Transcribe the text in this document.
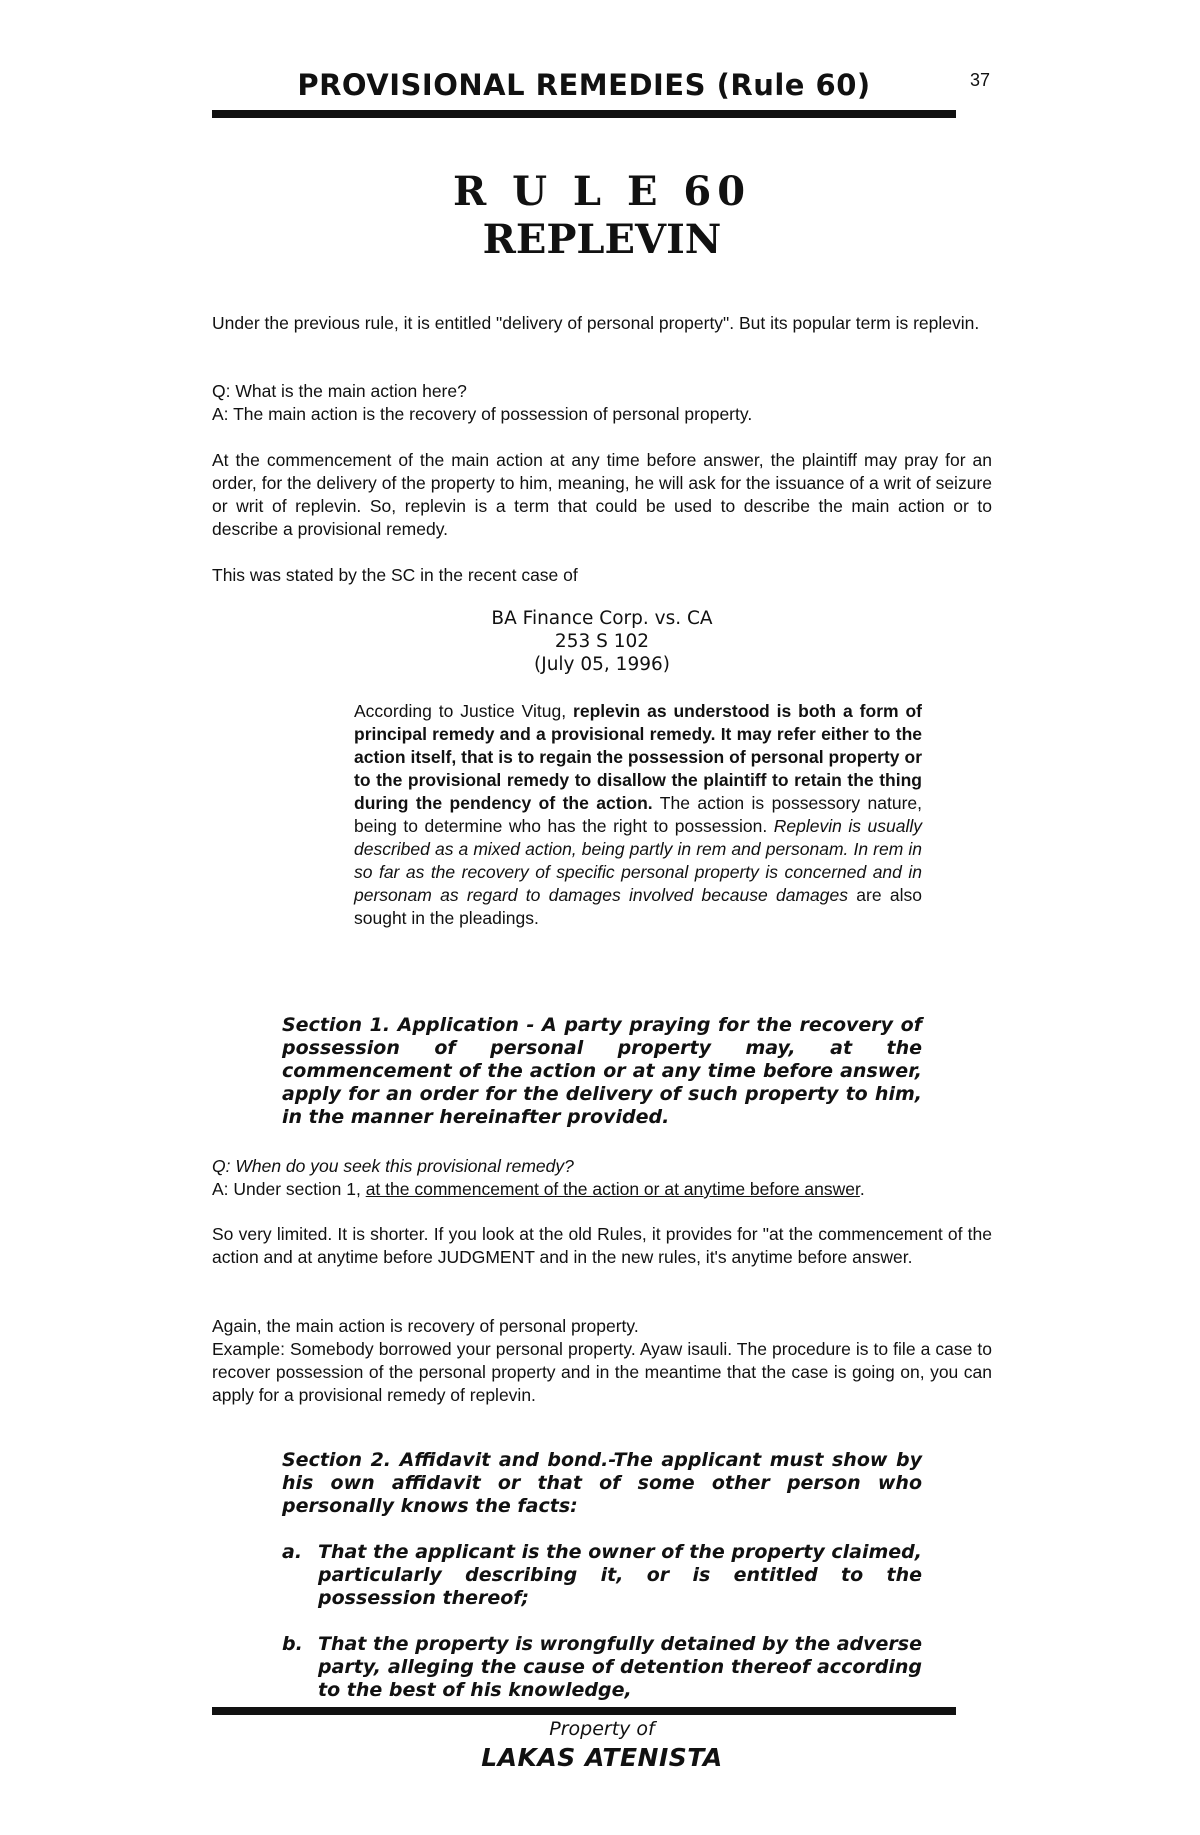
PROVISIONAL REMEDIES (Rule 60)	37
R U L E 60
REPLEVIN

Under the previous rule, it is entitled "delivery of personal property". But its popular term is replevin.

Q: What is the main action here?

A: The main action is the recovery of possession of personal property.

At the commencement of the main action at any time before answer, the plaintiff may pray for an order, for the delivery of the property to him, meaning, he will ask for the issuance of a writ of seizure or writ of replevin. So, replevin is a term that could be used to describe the main action or to describe a provisional remedy.

This was stated by the SC in the recent case of

BA Finance Corp. vs. CA
253 S 102
(July 05, 1996)
According to Justice Vitug, replevin as understood is both a form of principal remedy and a provisional remedy. It may refer either to the action itself, that is to regain the possession of personal property or to the provisional remedy to disallow the plaintiff to retain the thing during the pendency of the action. The action is possessory nature, being to determine who has the right to possession. Replevin is usually described as a mixed action, being partly in rem and personam. In rem in so far as the recovery of specific personal property is concerned and in personam as regard to damages involved because damages are also sought in the pleadings.
Section 1. Application - A party praying for the recovery of possession of personal property may, at the commencement of the action or at any time before answer, apply for an order for the delivery of such property to him, in the manner hereinafter provided.

Q: When do you seek this provisional remedy?

A: Under section 1, at the commencement of the action or at anytime before answer.

So very limited. It is shorter. If you look at the old Rules, it provides for "at the commencement of the action and at anytime before JUDGMENT and in the new rules, it's anytime before answer.

Again, the main action is recovery of personal property.

Example: Somebody borrowed your personal property. Ayaw isauli. The procedure is to file a case to recover possession of the personal property and in the meantime that the case is going on, you can apply for a provisional remedy of replevin.

Section 2. Affidavit and bond.-The applicant must show by his own affidavit or that of some other person who personally knows the facts:
a. That the applicant is the owner of the property claimed, particularly describing it, or is entitled to the possession thereof;
b. That the property is wrongfully detained by the adverse party, alleging the cause of detention thereof according to the best of his knowledge,
Property of
LAKAS ATENISTA
